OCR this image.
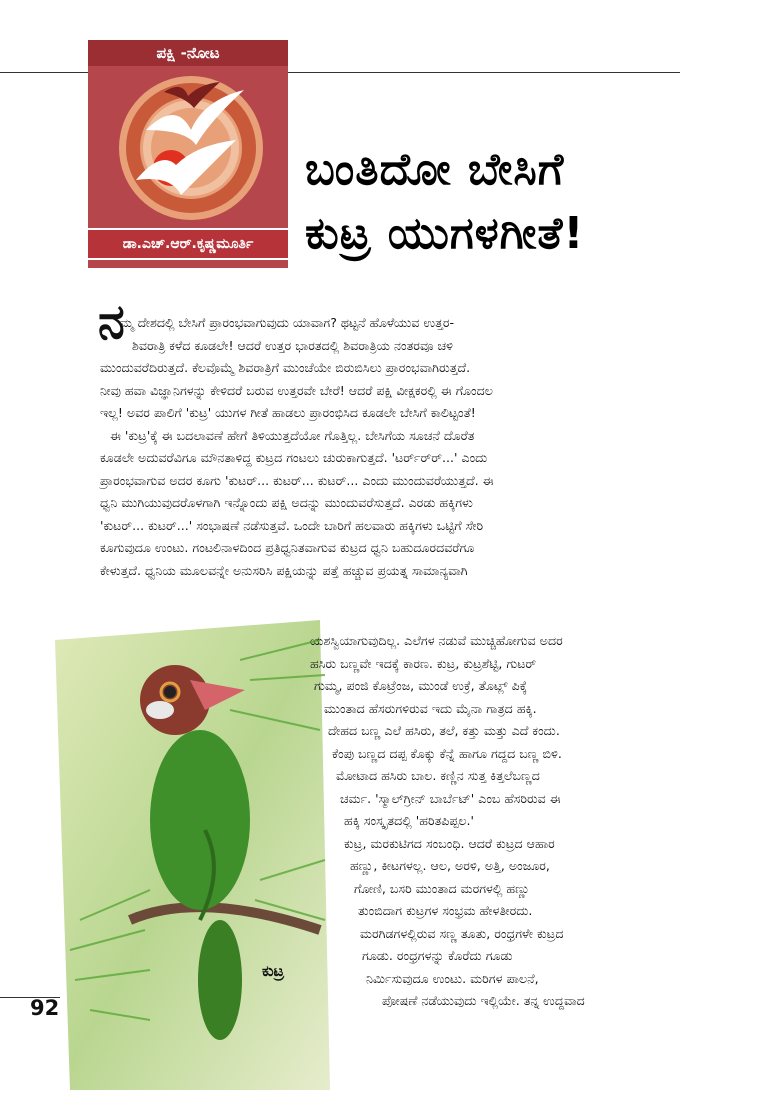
ಪಕ್ಷಿ -ನೋಟ
ಡಾ.ಎಚ್.ಆರ್.ಕೃಷ್ಣಮೂರ್ತಿ
ಬಂತಿದೋ ಬೇಸಿಗೆ
ಕುಟ್ರ ಯುಗಳಗೀತೆ!
ನ
ಮ್ಮ ದೇಶದಲ್ಲಿ ಬೇಸಿಗೆ ಪ್ರಾರಂಭವಾಗುವುದು ಯಾವಾಗ? ಥಟ್ಟನೆ ಹೊಳೆಯುವ ಉತ್ತರ-
ಶಿವರಾತ್ರಿ ಕಳೆದ ಕೂಡಲೇ! ಆದರೆ ಉತ್ತರ ಭಾರತದಲ್ಲಿ ಶಿವರಾತ್ರಿಯ ನಂತರವೂ ಚಳಿ
ಮುಂದುವರೆದಿರುತ್ತದೆ. ಕೆಲವೊಮ್ಮೆ ಶಿವರಾತ್ರಿಗೆ ಮುಂಚೆಯೇ ಬಿರುಬಿಸಿಲು ಪ್ರಾರಂಭವಾಗಿರುತ್ತದೆ.
ನೀವು ಹವಾ ವಿಜ್ಞಾನಿಗಳನ್ನು ಕೇಳಿದರೆ ಬರುವ ಉತ್ತರವೇ ಬೇರೆ! ಆದರೆ ಪಕ್ಷಿ ವೀಕ್ಷಕರಲ್ಲಿ ಈ ಗೊಂದಲ
ಇಲ್ಲ! ಅವರ ಪಾಲಿಗೆ 'ಕುಟ್ರ' ಯುಗಳ ಗೀತೆ ಹಾಡಲು ಪ್ರಾರಂಭಿಸಿದ ಕೂಡಲೇ ಬೇಸಿಗೆ ಕಾಲಿಟ್ಟಂತೆ!
ಈ 'ಕುಟ್ರ'ಕ್ಕೆ ಈ ಬದಲಾವಣೆ ಹೇಗೆ ತಿಳಿಯುತ್ತದೆಯೋ ಗೊತ್ತಿಲ್ಲ. ಬೇಸಿಗೆಯ ಸೂಚನೆ ದೊರೆತ
ಕೂಡಲೇ ಅದುವರೆವಿಗೂ ಮೌನತಾಳಿದ್ದ ಕುಟ್ರದ ಗಂಟಲು ಚುರುಕಾಗುತ್ತದೆ. 'ಟರ್ರ್‌ರ್‌ರ್...' ಎಂದು
ಪ್ರಾರಂಭವಾಗುವ ಅದರ ಕೂಗು 'ಕುಟರ್... ಕುಟರ್... ಕುಟರ್... ಎಂದು ಮುಂದುವರೆಯುತ್ತದೆ. ಈ
ಧ್ವನಿ ಮುಗಿಯುವುದರೊಳಗಾಗಿ ಇನ್ನೊಂದು ಪಕ್ಷಿ ಅದನ್ನು ಮುಂದುವರೆಸುತ್ತದೆ. ಎರಡು ಹಕ್ಕಿಗಳು
'ಕುಟರ್... ಕುಟರ್...' ಸಂಭಾಷಣೆ ನಡೆಸುತ್ತವೆ. ಒಂದೇ ಬಾರಿಗೆ ಹಲವಾರು ಹಕ್ಕಿಗಳು ಒಟ್ಟಿಗೆ ಸೇರಿ
ಕೂಗುವುದೂ ಉಂಟು. ಗಂಟಲಿನಾಳದಿಂದ ಪ್ರತಿಧ್ವನಿತವಾಗುವ ಕುಟ್ರದ ಧ್ವನಿ ಬಹುದೂರದವರೆಗೂ
ಕೇಳುತ್ತದೆ. ಧ್ವನಿಯ ಮೂಲವನ್ನೇ ಅನುಸರಿಸಿ ಪಕ್ಷಿಯನ್ನು ಪತ್ತೆ ಹಚ್ಚುವ ಪ್ರಯತ್ನ ಸಾಮಾನ್ಯವಾಗಿ
ಕುಟ್ರ
ಯಶಸ್ವಿಯಾಗುವುದಿಲ್ಲ. ಎಲೆಗಳ ನಡುವೆ ಮುಚ್ಚಿಹೋಗುವ ಅದರ
ಹಸಿರು ಬಣ್ಣವೇ ಇದಕ್ಕೆ ಕಾರಣ. ಕುಟ್ರ, ಕುಟ್ರಶೆಟ್ಟಿ, ಗುಟರ್
ಗುಮ್ಮ, ಪಂಜಿ ಕೊಟ್ರೆಂಜ, ಮುಂಡೆ ಉಕ್ರೆ, ತೊಟ್ಲ್ ಪಿಕ್ಕೆ
ಮುಂತಾದ ಹೆಸರುಗಳಿರುವ ಇದು ಮೈನಾ ಗಾತ್ರದ ಹಕ್ಕಿ.
ದೇಹದ ಬಣ್ಣ ಎಲೆ ಹಸಿರು, ತಲೆ, ಕತ್ತು ಮತ್ತು ಎದೆ ಕಂದು.
ಕೆಂಪು ಬಣ್ಣದ ದಪ್ಪ ಕೊಕ್ಕು ಕೆನ್ನೆ ಹಾಗೂ ಗದ್ದದ ಬಣ್ಣ ಬಿಳಿ.
ಮೋಟಾದ ಹಸಿರು ಬಾಲ. ಕಣ್ಣಿನ ಸುತ್ತ ಕಿತ್ತಲೆಬಣ್ಣದ
ಚರ್ಮ. 'ಸ್ಮಾಲ್‌ಗ್ರೀನ್ ಬಾರ್ಬೆಟ್' ಎಂಬ ಹೆಸರಿರುವ ಈ
ಹಕ್ಕಿ ಸಂಸ್ಕೃತದಲ್ಲಿ 'ಹರಿತಪಿಪ್ಪಲ.'
ಕುಟ್ರ, ಮರಕುಟಿಗದ ಸಂಬಂಧಿ. ಆದರೆ ಕುಟ್ರದ ಆಹಾರ
ಹಣ್ಣು, ಕೀಟಗಳಲ್ಲ. ಆಲ, ಅರಳಿ, ಅತ್ತಿ, ಅಂಜೂರ,
ಗೋಣಿ, ಬಸರಿ ಮುಂತಾದ ಮರಗಳಲ್ಲಿ ಹಣ್ಣು
ತುಂಬಿದಾಗ ಕುಟ್ರಗಳ ಸಂಭ್ರಮ ಹೇಳತೀರದು.
ಮರಗಿಡಗಳಲ್ಲಿರುವ ಸಣ್ಣ ತೂತು, ರಂಧ್ರಗಳೇ ಕುಟ್ರದ
ಗೂಡು. ರಂಧ್ರಗಳನ್ನು ಕೊರೆದು ಗೂಡು
ನಿರ್ಮಿಸುವುದೂ ಉಂಟು. ಮರಿಗಳ ಪಾಲನೆ,
ಪೋಷಣೆ ನಡೆಯುವುದು ಇಲ್ಲಿಯೇ. ತನ್ನ ಉದ್ದವಾದ
92
